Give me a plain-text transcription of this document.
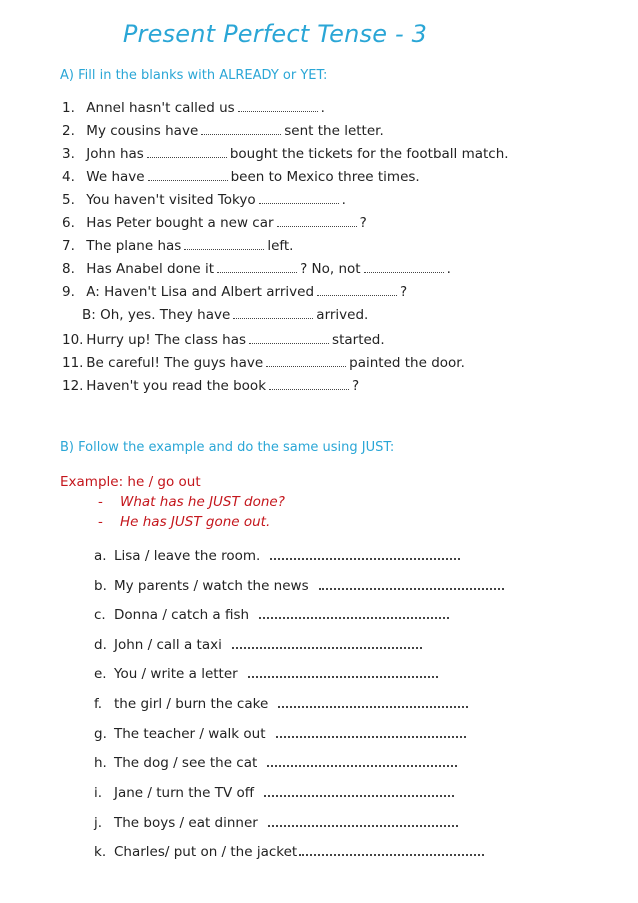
Present Perfect Tense - 3
A) Fill in the blanks with ALREADY or YET:
1. Annel hasn't called us	.
2. My cousins have	sent the letter.
3. John has	bought the tickets for the football match.
4. We have	been to Mexico three times.
5. You haven't visited Tokyo	.
6. Has Peter bought a new car	?
7. The plane has	left.
8. Has Anabel done it	? No, not	.
9. A: Haven't Lisa and Albert arrived	?
10. Hurry up! The class has	started.
11. Be careful! The guys have	painted the door.
12. Haven't you read the book	?
B: Oh, yes. They have	arrived.
B) Follow the example and do the same using JUST:
Example: he / go out
- What has he JUST done?
- He has JUST gone out.
a. Lisa / leave the room.
b. My parents / watch the news
c. Donna / catch a fish
d. John / call a taxi
e. You / write a letter
f. the girl / burn the cake
g. The teacher / walk out
h. The dog / see the cat
i. Jane / turn the TV off
j. The boys / eat dinner
k. Charles/ put on / the jacket
